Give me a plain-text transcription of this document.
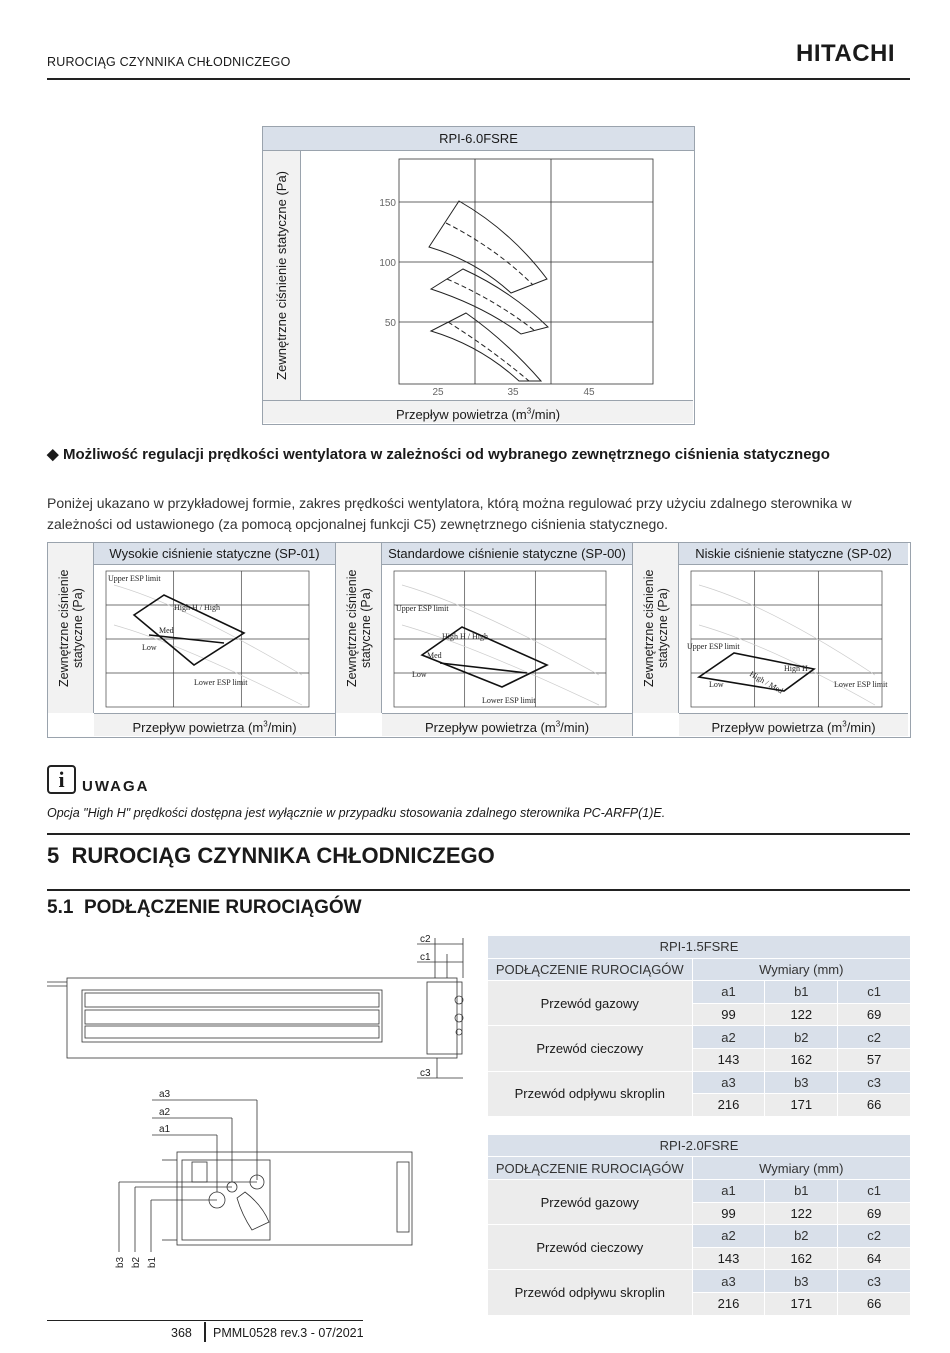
RUROCIĄG CZYNNIKA CHŁODNICZEGO	HITACHI
RPI-6.0FSRE
Zewnętrzne ciśnienie statyczne (Pa)	150
100
50
25	35	45
Przepływ powietrza $(m^3/\min)$
◆ Możliwość regulacji prędkości wentylatora w zależności od wybranego zewnętrznego ciśnienia statycznego
Poniżej ukazano w przykładowej formie, zakres prędkości wentylatora, którą można regulować przy użyciu zdalnego sterownika w zależności od ustawionego (za pomocą opcjonalnej funkcji C5) zewnętrznego ciśnienia statycznego.
Zewnętrzne ciśnienie statyczne (Pa)
Wysokie ciśnienie statyczne (SP-01)
Przepływ powietrza $(m^3/\min)$
Upper ESP limit
Lower ESP limit
High H / High
Med
Low	Zewnętrzne ciśnienie statyczne (Pa)
Standardowe ciśnienie statyczne (SP-00)
Przepływ powietrza $(m^3/\min)$
Upper ESP limit
Lower ESP limit
High H / High
Med
Low	Zewnętrzne ciśnienie statyczne (Pa)
Niskie ciśnienie statyczne (SP-02)
Przepływ powietrza $(m^3/\min)$
Upper ESP limit
Lower ESP limit
High H
High / Med
Low
i	UWAGA
Opcja "High H" prędkości dostępna jest wyłącznie w przypadku stosowania zdalnego sterownika PC-ARFP(1)E.
5 RUROCIĄG CZYNNIKA CHŁODNICZEGO
5.1 PODŁĄCZENIE RUROCIĄGÓW
c2
c1
c3
a3
a2
a1
b3 b2 b1
RPI-1.5FSRE			
PODŁĄCZENIE RUROCIĄGÓW	Wymiary (mm)		
Przewód gazowy	a1	b1	c1
	99	122	69
Przewód cieczowy	a2	b2	c2
	143	162	57
Przewód odpływu skroplin	a3	b3	c3
	216	171	66
RPI-2.0FSRE			
PODŁĄCZENIE RUROCIĄGÓW	Wymiary (mm)		
Przewód gazowy	a1	b1	c1
	99	122	69
Przewód cieczowy	a2	b2	c2
	143	162	64
Przewód odpływu skroplin	a3	b3	c3
	216	171	66
368 PMML0528 rev.3 - 07/2021
